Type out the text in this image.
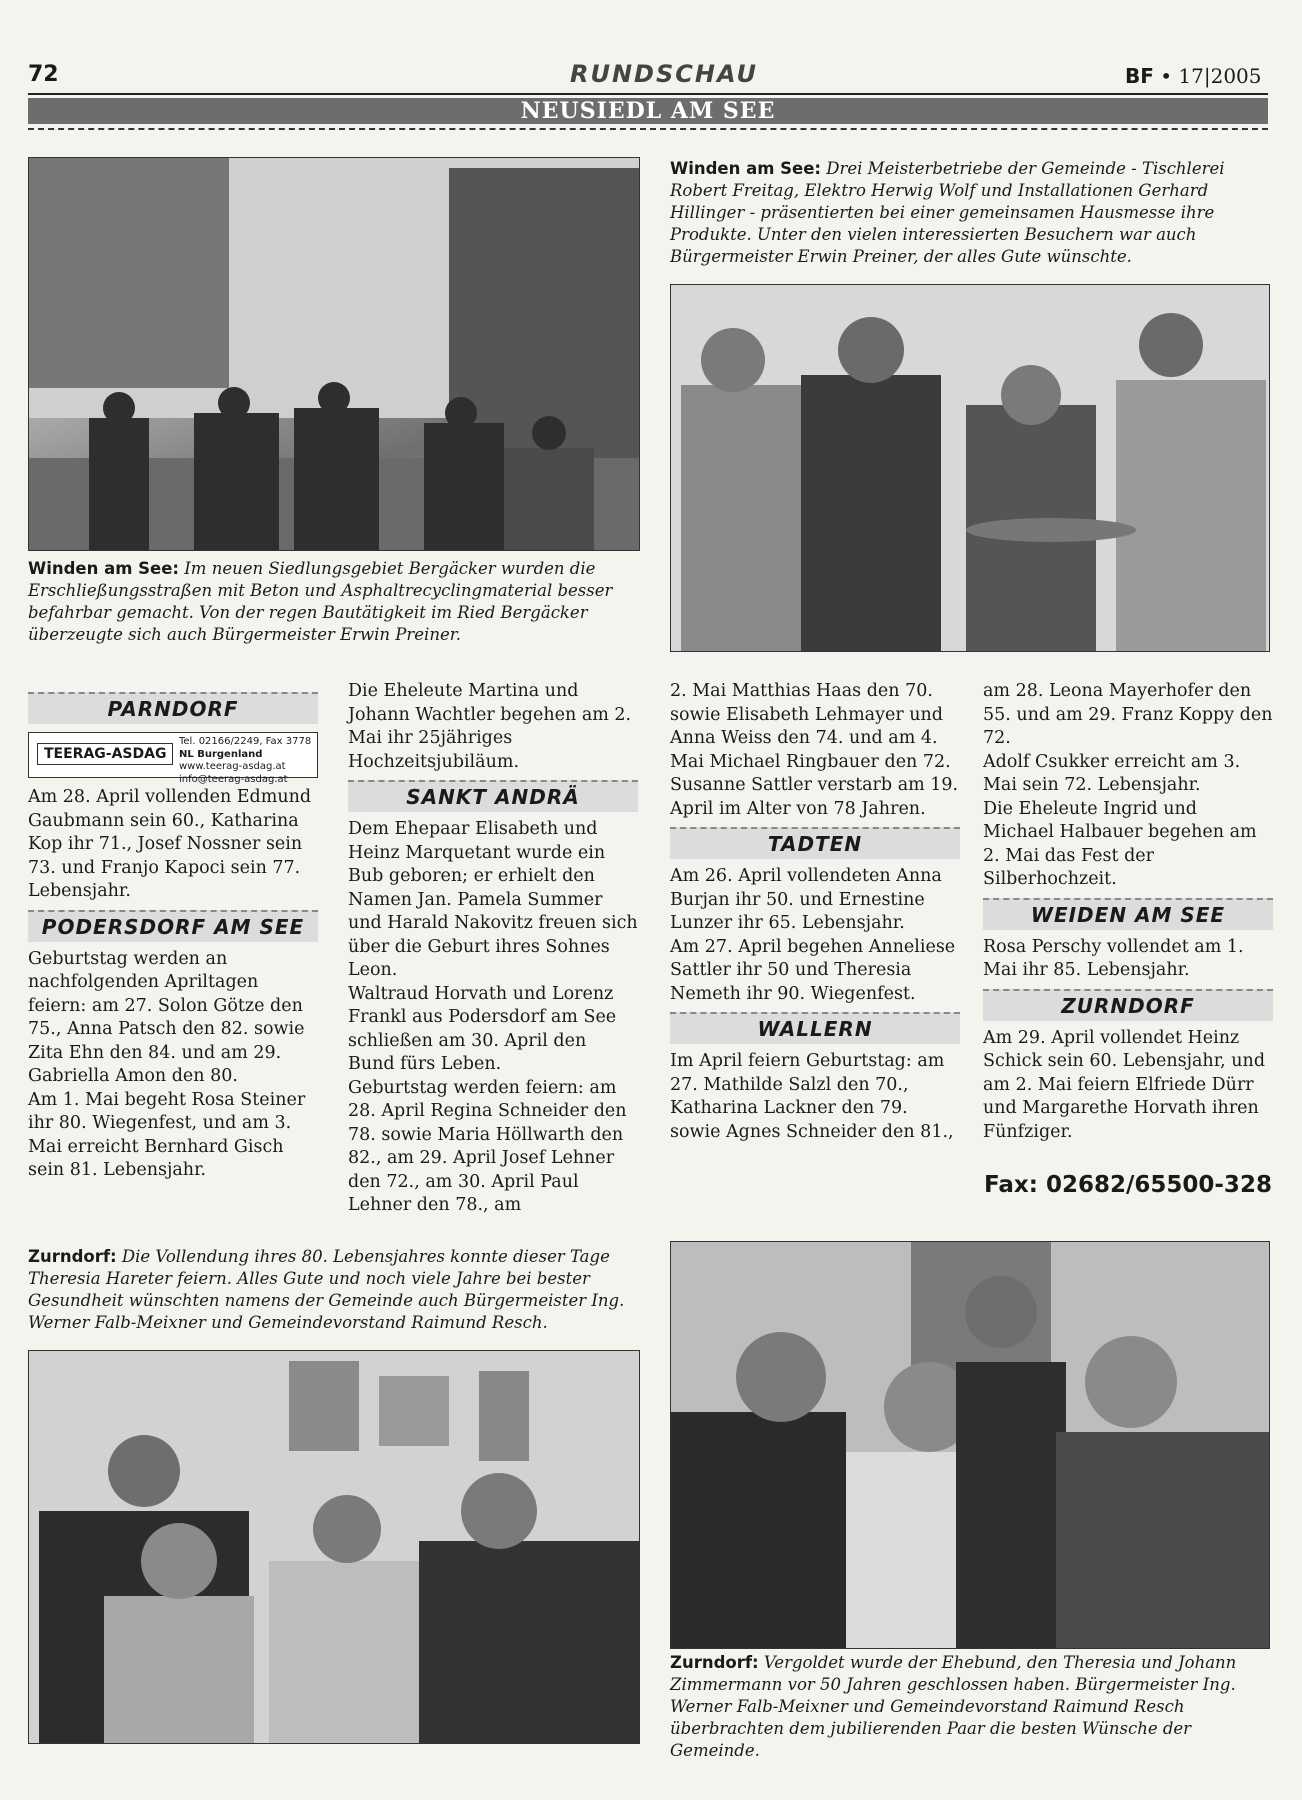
72	RUNDSCHAU	BF • 17|2005
NEUSIEDL AM SEE
Winden am See: Im neuen Siedlungsgebiet Bergäcker wurden die Erschließungsstraßen mit Beton und Asphaltrecyclingmaterial besser befahrbar gemacht. Von der regen Bautätigkeit im Ried Bergäcker überzeugte sich auch Bürgermeister Erwin Preiner.
Winden am See: Drei Meisterbetriebe der Gemeinde - Tischlerei Robert Freitag, Elektro Herwig Wolf und Installationen Gerhard Hillinger - präsentierten bei einer gemeinsamen Hausmesse ihre Produkte. Unter den vielen interessierten Besuchern war auch Bürgermeister Erwin Preiner, der alles Gute wünschte.
PARNDORF
TEERAG-ASDAG
Tel. 02166/2249, Fax 3778
NL Burgenland
www.teerag-asdag.at
info@teerag-asdag.at

Am 28. April vollenden Edmund Gaubmann sein 60., Katharina Kop ihr 71., Josef Nossner sein 73. und Franjo Kapoci sein 77. Lebensjahr.

PODERSDORF AM SEE

Geburtstag werden an nachfolgenden Apriltagen feiern: am 27. Solon Götze den 75., Anna Patsch den 82. sowie Zita Ehn den 84. und am 29. Gabriella Amon den 80.

Am 1. Mai begeht Rosa Steiner ihr 80. Wiegenfest, und am 3. Mai erreicht Bernhard Gisch sein 81. Lebensjahr.

Die Eheleute Martina und Johann Wachtler begehen am 2. Mai ihr 25jähriges Hochzeitsjubiläum.

SANKT ANDRÄ

Dem Ehepaar Elisabeth und Heinz Marquetant wurde ein Bub geboren; er erhielt den Namen Jan. Pamela Summer und Harald Nakovitz freuen sich über die Geburt ihres Sohnes Leon.

Waltraud Horvath und Lorenz Frankl aus Podersdorf am See schließen am 30. April den Bund fürs Leben.

Geburtstag werden feiern: am 28. April Regina Schneider den 78. sowie Maria Höllwarth den 82., am 29. April Josef Lehner den 72., am 30. April Paul Lehner den 78., am

2. Mai Matthias Haas den 70. sowie Elisabeth Lehmayer und Anna Weiss den 74. und am 4. Mai Michael Ringbauer den 72.

Susanne Sattler verstarb am 19. April im Alter von 78 Jahren.

TADTEN

Am 26. April vollendeten Anna Burjan ihr 50. und Ernestine Lunzer ihr 65. Lebensjahr.

Am 27. April begehen Anneliese Sattler ihr 50 und Theresia Nemeth ihr 90. Wiegenfest.

WALLERN

Im April feiern Geburtstag: am 27. Mathilde Salzl den 70., Katharina Lackner den 79. sowie Agnes Schneider den 81.,

am 28. Leona Mayerhofer den 55. und am 29. Franz Koppy den 72.

Adolf Csukker erreicht am 3. Mai sein 72. Lebensjahr.

Die Eheleute Ingrid und Michael Halbauer begehen am 2. Mai das Fest der Silberhochzeit.

WEIDEN AM SEE

Rosa Perschy vollendet am 1. Mai ihr 85. Lebensjahr.

ZURNDORF

Am 29. April vollendet Heinz Schick sein 60. Lebensjahr, und am 2. Mai feiern Elfriede Dürr und Margarethe Horvath ihren Fünfziger.

Fax: 02682/65500-328

Zurndorf: Die Vollendung ihres 80. Lebensjahres konnte dieser Tage Theresia Hareter feiern. Alles Gute und noch viele Jahre bei bester Gesundheit wünschten namens der Gemeinde auch Bürgermeister Ing. Werner Falb-Meixner und Gemeindevorstand Raimund Resch.
Zurndorf: Vergoldet wurde der Ehebund, den Theresia und Johann Zimmermann vor 50 Jahren geschlossen haben. Bürgermeister Ing. Werner Falb-Meixner und Gemeindevorstand Raimund Resch überbrachten dem jubilierenden Paar die besten Wünsche der Gemeinde.
